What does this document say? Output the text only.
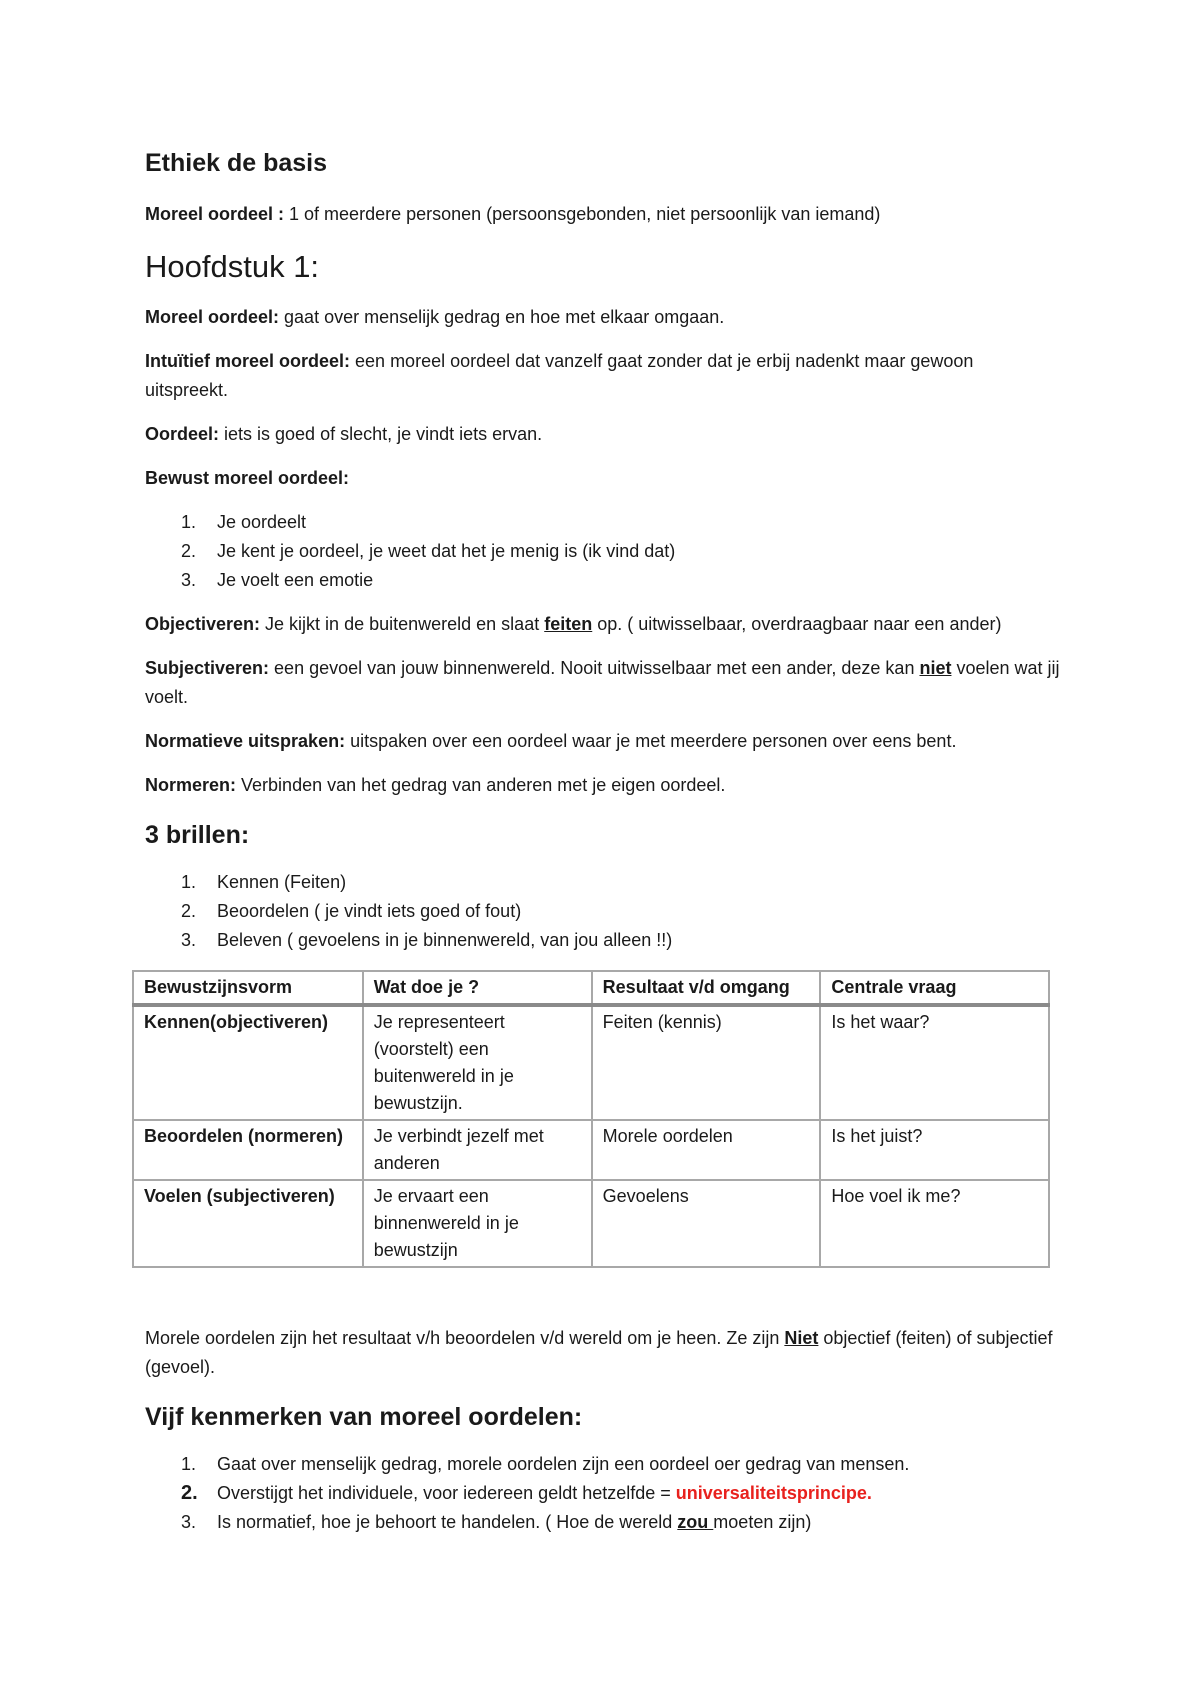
Ethiek de basis

Moreel oordeel : 1 of meerdere personen (persoonsgebonden, niet persoonlijk van iemand)

Hoofdstuk 1:

Moreel oordeel: gaat over menselijk gedrag en hoe met elkaar omgaan.

Intuïtief moreel oordeel: een moreel oordeel dat vanzelf gaat zonder dat je erbij nadenkt maar gewoon uitspreekt.

Oordeel: iets is goed of slecht, je vindt iets ervan.

Bewust moreel oordeel:

1.	Je oordeelt
2.	Je kent je oordeel, je weet dat het je menig is (ik vind dat)
3.	Je voelt een emotie

Objectiveren: Je kijkt in de buitenwereld en slaat feiten op. ( uitwisselbaar, overdraagbaar naar een ander)

Subjectiveren: een gevoel van jouw binnenwereld. Nooit uitwisselbaar met een ander, deze kan niet voelen wat jij voelt.

Normatieve uitspraken: uitspaken over een oordeel waar je met meerdere personen over eens bent.

Normeren: Verbinden van het gedrag van anderen met je eigen oordeel.

3 brillen:
1.	Kennen (Feiten)
2.	Beoordelen ( je vindt iets goed of fout)
3.	Beleven ( gevoelens in je binnenwereld, van jou alleen !!)
Bewustzijnsvorm	Wat doe je ?	Resultaat v/d omgang	Centrale vraag
Kennen(objectiveren)	Je representeert (voorstelt) een buitenwereld in je bewustzijn.	Feiten (kennis)	Is het waar?
Beoordelen (normeren)	Je verbindt jezelf met anderen	Morele oordelen	Is het juist?
Voelen (subjectiveren)	Je ervaart een binnenwereld in je bewustzijn	Gevoelens	Hoe voel ik me?

Morele oordelen zijn het resultaat v/h beoordelen v/d wereld om je heen. Ze zijn Niet objectief (feiten) of subjectief (gevoel).

Vijf kenmerken van moreel oordelen:
1.	Gaat over menselijk gedrag, morele oordelen zijn een oordeel oer gedrag van mensen.
2.	Overstijgt het individuele, voor iedereen geldt hetzelfde = universaliteitsprincipe.
3.	Is normatief, hoe je behoort te handelen. ( Hoe de wereld zou moeten zijn)
